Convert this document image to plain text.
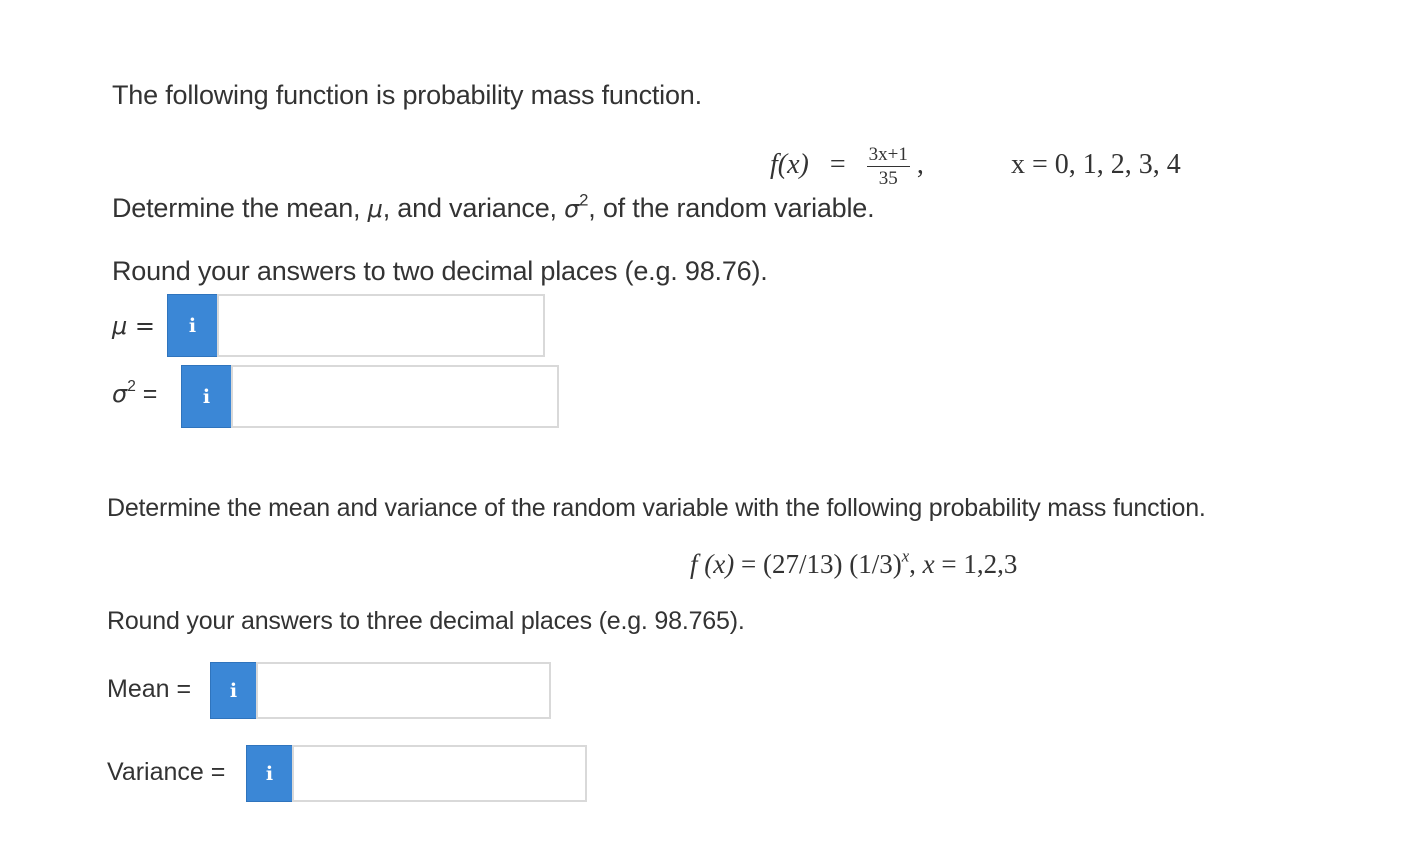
The following function is probability mass function.
$f(x) = \frac{3x+1}{35}$ ,	x = 0, 1, 2, 3, 4
Determine the mean, μ, and variance, $\sigma^2$, of the random variable.
Round your answers to two decimal places (e.g. 98.76).
μ = i
$\sigma^2 = i$
Determine the mean and variance of the random variable with the following probability mass function.
f (x) = (27/13) $(1/3)^x$, x = 1,2,3
Round your answers to three decimal places (e.g. 98.765).
Mean = i
Variance = i
